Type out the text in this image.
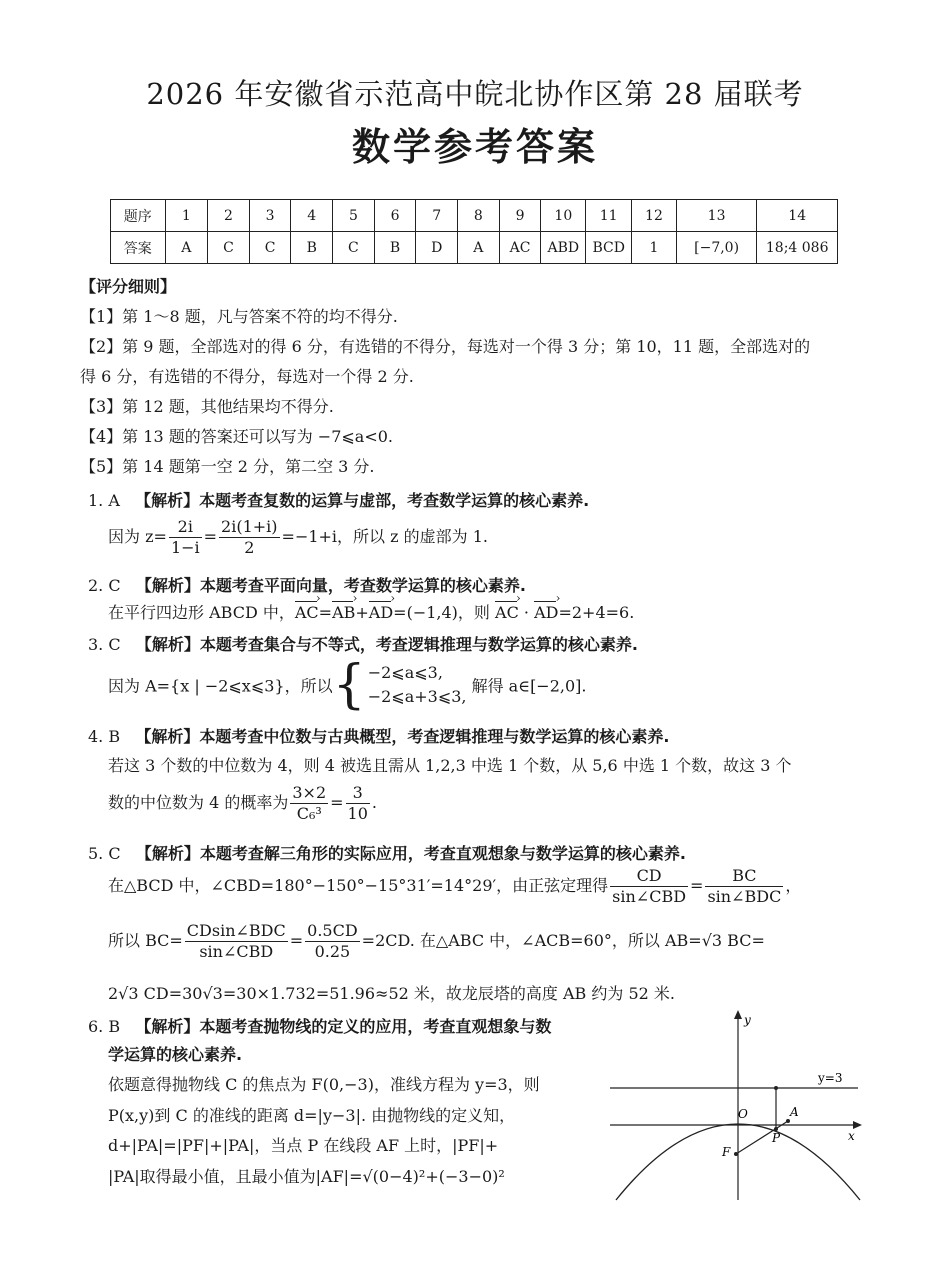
2026 年安徽省示范高中皖北协作区第 28 届联考
数学参考答案
题序	1	2	3	4	5	6	7	8	9	10	11	12	13	14
答案	A	C	C	B	C	B	D	A	AC	ABD	BCD	1	[−7,0)	18;4 086
【评分细则】
【1】第 1～8 题，凡与答案不符的均不得分.
【2】第 9 题，全部选对的得 6 分，有选错的不得分，每选对一个得 3 分；第 10，11 题，全部选对的
得 6 分，有选错的不得分，每选对一个得 2 分.
【3】第 12 题，其他结果均不得分.
【4】第 13 题的答案还可以写为 −7⩽a<0.
【5】第 14 题第一空 2 分，第二空 3 分.
1. A 【解析】本题考查复数的运算与虚部，考查数学运算的核心素养.
因为 $z= \frac{2i}{1-i} = \frac{2i(1+i)}{2} =-1+i$，所以 z 的虚部为 1.
2. C 【解析】本题考查平面向量，考查数学运算的核心素养.
在平行四边形 ABCD 中，AC ›=AB ›+AD ›=(−1,4)，则 AC › · AD ›=2+4=6.
3. C 【解析】本题考查集合与不等式，考查逻辑推理与数学运算的核心素养.
因为 A={x | −2⩽x⩽3}，所以{ −2⩽a⩽3,
−2⩽a+3⩽3,
解得 a∈[−2,0].
4. B 【解析】本题考查中位数与古典概型，考查逻辑推理与数学运算的核心素养.
若这 3 个数的中位数为 4，则 4 被选且需从 1,2,3 中选 1 个数，从 5,6 中选 1 个数，故这 3 个
数的中位数为 4 的概率为 $\frac{3\times 2}{\text{C₆³}} = \frac{3}{10}$ .
5. C 【解析】本题考查解三角形的实际应用，考查直观想象与数学运算的核心素养.
在△BCD 中，∠CBD=180°−150°−15°31′=14°29′，由正弦定理得 $\frac{CD}{\text{sin∠CBD}} = \frac{BC}{\text{sin∠BDC}}$ ，
所以 $BC= \frac{\text{CDsin∠BDC}}{\text{sin∠CBD}} = \frac{0.5CD}{0.25} =2CD$. 在△ABC 中，∠ACB=60°，所以 AB=√3 BC=
2√3 CD=30√3=30×1.732=51.96≈52 米，故龙辰塔的高度 AB 约为 52 米.
6. B 【解析】本题考查抛物线的定义的应用，考查直观想象与数
学运算的核心素养.
依题意得抛物线 C 的焦点为 F(0,−3)，准线方程为 y=3，则
P(x,y)到 C 的准线的距离 d=|y−3|. 由抛物线的定义知，
d+|PA|=|PF|+|PA|，当点 P 在线段 AF 上时，|PF|+
|PA|取得最小值，且最小值为|AF|=√(0−4)²+(−3−0)²
y
x
O
y=3
A
P
F
